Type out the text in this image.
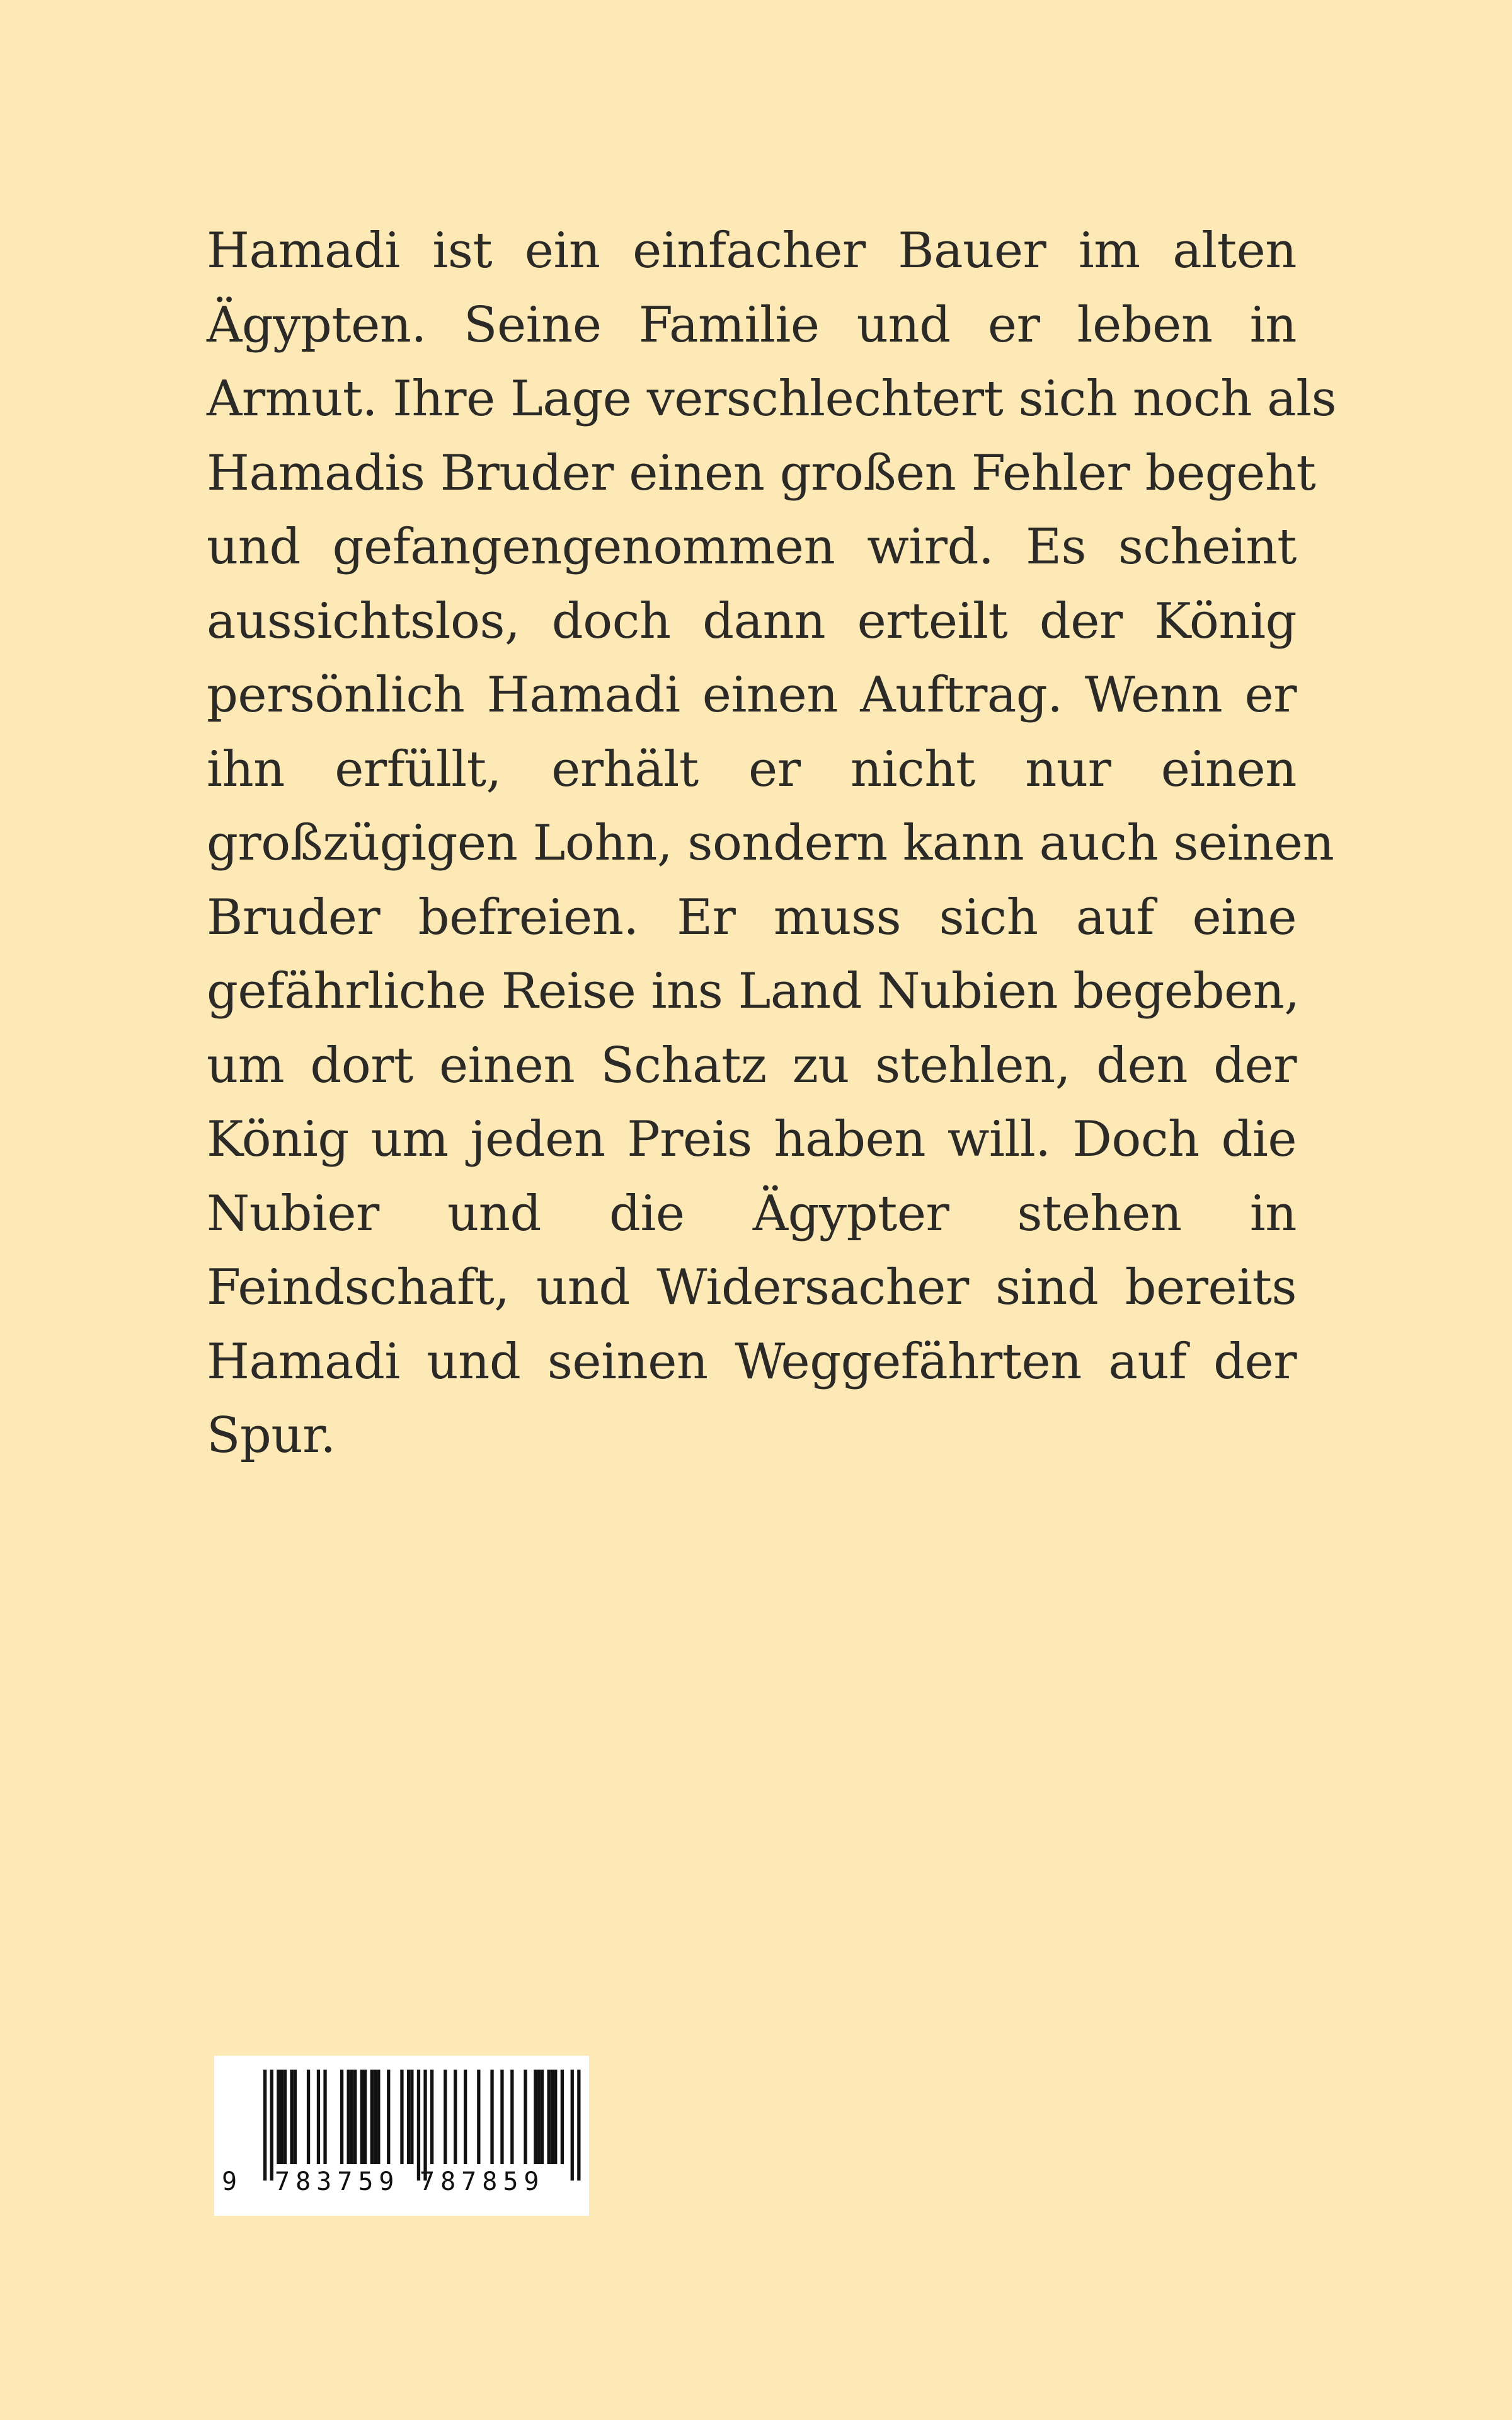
Hamadi ist ein einfacher Bauer im alten
Ägypten. Seine Familie und er leben in
Armut. Ihre Lage verschlechtert sich noch als
Hamadis Bruder einen großen Fehler begeht
und gefangengenommen wird. Es scheint
aussichtslos, doch dann erteilt der König
persönlich Hamadi einen Auftrag. Wenn er
ihn erfüllt, erhält er nicht nur einen
großzügigen Lohn, sondern kann auch seinen
Bruder befreien. Er muss sich auf eine
gefährliche Reise ins Land Nubien begeben,
um dort einen Schatz zu stehlen, den der
König um jeden Preis haben will. Doch die
Nubier und die Ägypter stehen in
Feindschaft, und Widersacher sind bereits
Hamadi und seinen Weggefährten auf der
Spur.
9 783759 787859
